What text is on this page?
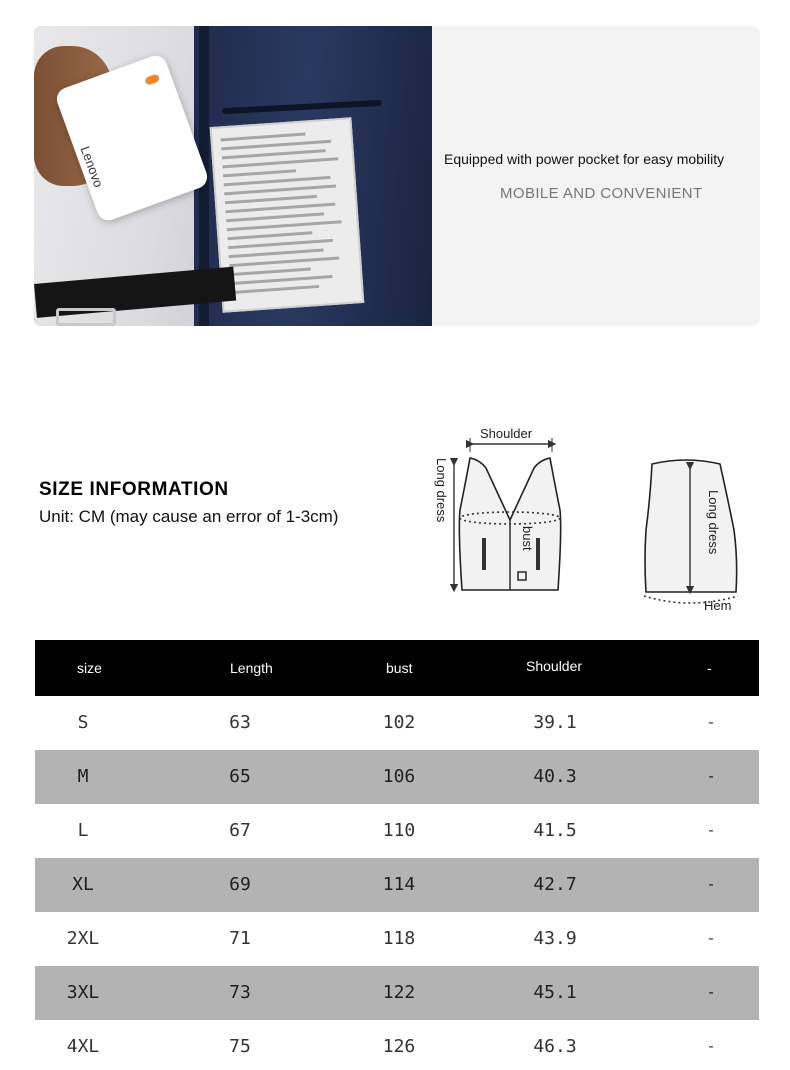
Lenovo	Equipped with power pocket for easy mobility
MOBILE AND CONVENIENT
SIZE INFORMATION
Unit: CM (may cause an error of 1-3cm)
Shoulder
Long dress
bust	Long dress
Hem
size	Length	bust	Shoulder	-
S	63	102	39.1	-
M	65	106	40.3	-
L	67	110	41.5	-
XL	69	114	42.7	-
2XL	71	118	43.9	-
3XL	73	122	45.1	-
4XL	75	126	46.3	-
